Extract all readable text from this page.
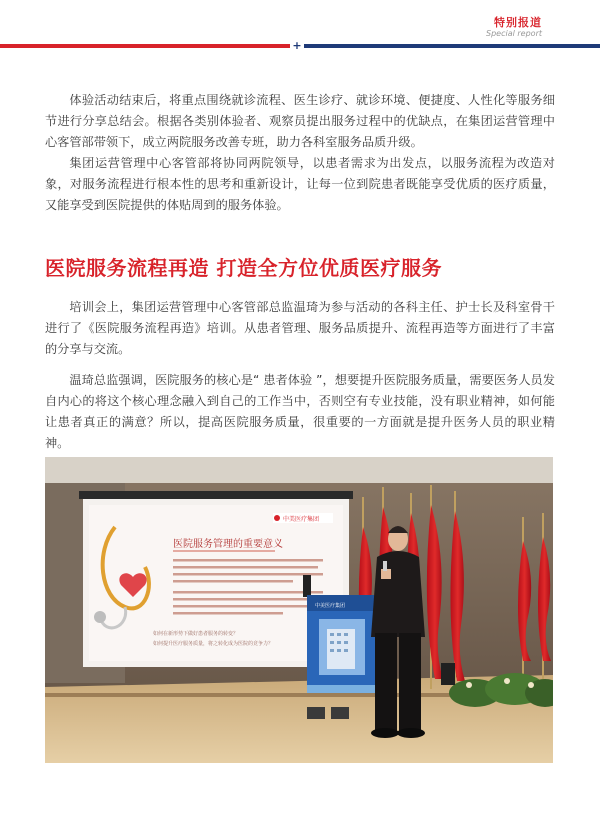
特别报道
Special report
+

体验活动结束后，将重点围绕就诊流程、医生诊疗、就诊环境、便捷度、人性化等服务细节进行分享总结会。根据各类别体验者、观察员提出服务过程中的优缺点，在集团运营管理中心客管部带领下，成立两院服务改善专班，助力各科室服务品质升级。

集团运营管理中心客管部将协同两院领导，以患者需求为出发点，以服务流程为改造对象，对服务流程进行根本性的思考和重新设计，让每一位到院患者既能享受优质的医疗质量，又能享受到医院提供的体贴周到的服务体验。

医院服务流程再造 打造全方位优质医疗服务

培训会上，集团运营管理中心客管部总监温琦为参与活动的各科主任、护士长及科室骨干进行了《医院服务流程再造》培训。从患者管理、服务品质提升、流程再造等方面进行了丰富的分享与交流。

温琦总监强调，医院服务的核心是“ 患者体验 ”，想要提升医院服务质量，需要医务人员发自内心的将这个核心理念融入到自己的工作当中，否则空有专业技能，没有职业精神，如何能让患者真正的满意？所以，提高医院服务质量，很重要的一方面就是提升医务人员的职业精神。

中美医疗集团
医院服务管理的重要意义
如何在新形势下做好患者服务的转变？
如何提升医疗服务质量，将之转化成为医院的竞争力？
中美医疗集团
